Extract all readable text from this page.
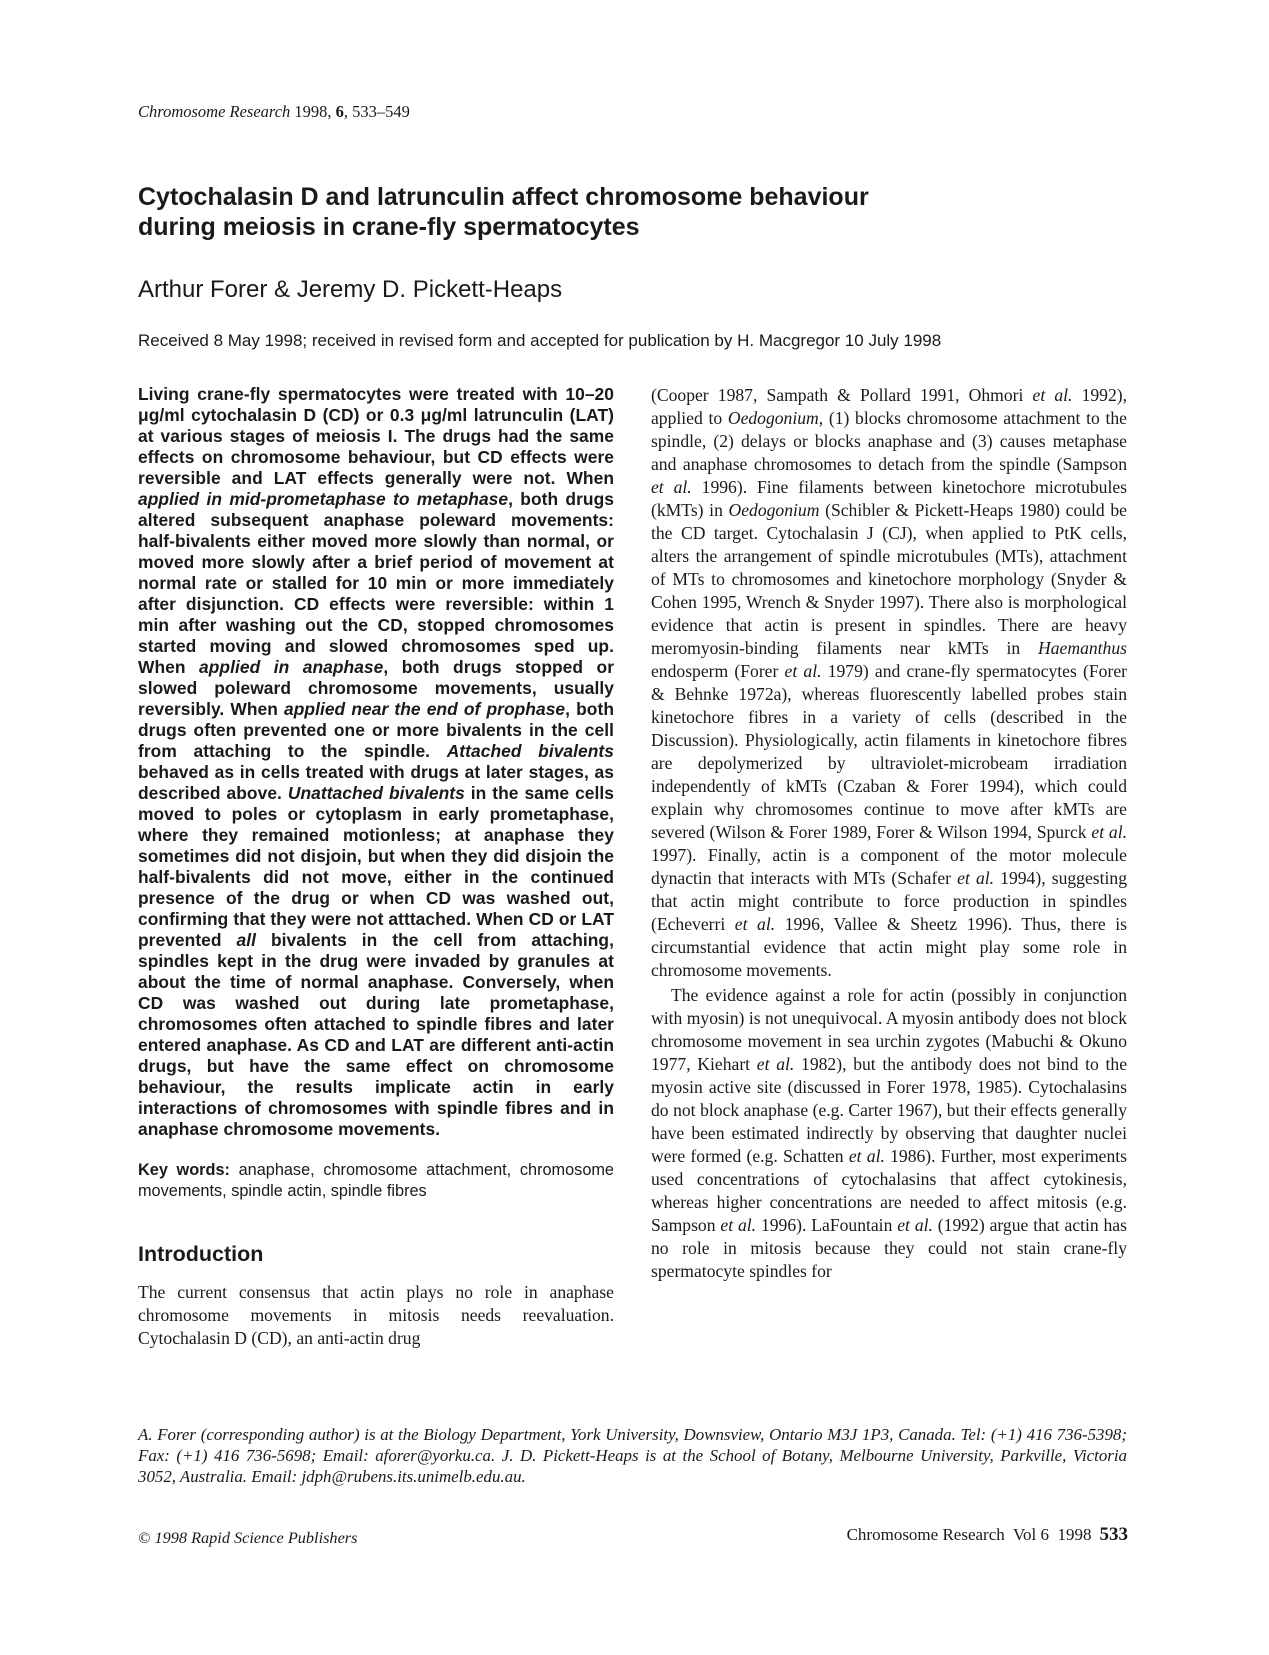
Chromosome Research 1998, 6, 533–549
Cytochalasin D and latrunculin affect chromosome behaviour
during meiosis in crane-fly spermatocytes
Arthur Forer & Jeremy D. Pickett-Heaps
Received 8 May 1998; received in revised form and accepted for publication by H. Macgregor 10 July 1998

Living crane-fly spermatocytes were treated with 10–20 μg/ml cytochalasin D (CD) or 0.3 μg/ml latrunculin (LAT) at various stages of meiosis I. The drugs had the same effects on chromosome behaviour, but CD effects were reversible and LAT effects generally were not. When applied in mid-prometaphase to metaphase, both drugs altered subsequent anaphase poleward movements: half-bivalents either moved more slowly than normal, or moved more slowly after a brief period of movement at normal rate or stalled for 10 min or more immediately after disjunction. CD effects were reversible: within 1 min after washing out the CD, stopped chromosomes started moving and slowed chromosomes sped up. When applied in anaphase, both drugs stopped or slowed poleward chromosome movements, usually reversibly. When applied near the end of prophase, both drugs often prevented one or more bivalents in the cell from attaching to the spindle. Attached bivalents behaved as in cells treated with drugs at later stages, as described above. Unattached bivalents in the same cells moved to poles or cytoplasm in early prometaphase, where they remained motionless; at anaphase they sometimes did not disjoin, but when they did disjoin the half-bivalents did not move, either in the continued presence of the drug or when CD was washed out, confirming that they were not atttached. When CD or LAT prevented all bivalents in the cell from attaching, spindles kept in the drug were invaded by granules at about the time of normal anaphase. Conversely, when CD was washed out during late prometaphase, chromosomes often attached to spindle fibres and later entered anaphase. As CD and LAT are different anti-actin drugs, but have the same effect on chromosome behaviour, the results implicate actin in early interactions of chromosomes with spindle fibres and in anaphase chromosome movements.

Key words: anaphase, chromosome attachment, chromosome movements, spindle actin, spindle fibres

Introduction

The current consensus that actin plays no role in anaphase chromosome movements in mitosis needs reevaluation. Cytochalasin D (CD), an anti-actin drug

(Cooper 1987, Sampath & Pollard 1991, Ohmori et al. 1992), applied to Oedogonium, (1) blocks chromosome attachment to the spindle, (2) delays or blocks anaphase and (3) causes metaphase and anaphase chromosomes to detach from the spindle (Sampson et al. 1996). Fine filaments between kinetochore microtubules (kMTs) in Oedogonium (Schibler & Pickett-Heaps 1980) could be the CD target. Cytochalasin J (CJ), when applied to PtK cells, alters the arrangement of spindle microtubules (MTs), attachment of MTs to chromosomes and kinetochore morphology (Snyder & Cohen 1995, Wrench & Snyder 1997). There also is morphological evidence that actin is present in spindles. There are heavy meromyosin-binding filaments near kMTs in Haemanthus endosperm (Forer et al. 1979) and crane-fly spermatocytes (Forer & Behnke 1972a), whereas fluorescently labelled probes stain kinetochore fibres in a variety of cells (described in the Discussion). Physiologically, actin filaments in kinetochore fibres are depolymerized by ultraviolet-microbeam irradiation independently of kMTs (Czaban & Forer 1994), which could explain why chromosomes continue to move after kMTs are severed (Wilson & Forer 1989, Forer & Wilson 1994, Spurck et al. 1997). Finally, actin is a component of the motor molecule dynactin that interacts with MTs (Schafer et al. 1994), suggesting that actin might contribute to force production in spindles (Echeverri et al. 1996, Vallee & Sheetz 1996). Thus, there is circumstantial evidence that actin might play some role in chromosome movements.

The evidence against a role for actin (possibly in conjunction with myosin) is not unequivocal. A myosin antibody does not block chromosome movement in sea urchin zygotes (Mabuchi & Okuno 1977, Kiehart et al. 1982), but the antibody does not bind to the myosin active site (discussed in Forer 1978, 1985). Cytochalasins do not block anaphase (e.g. Carter 1967), but their effects generally have been estimated indirectly by observing that daughter nuclei were formed (e.g. Schatten et al. 1986). Further, most experiments used concentrations of cytochalasins that affect cytokinesis, whereas higher concentrations are needed to affect mitosis (e.g. Sampson et al. 1996). LaFountain et al. (1992) argue that actin has no role in mitosis because they could not stain crane-fly spermatocyte spindles for

A. Forer (corresponding author) is at the Biology Department, York University, Downsview, Ontario M3J 1P3, Canada. Tel: (+1) 416 736-5398; Fax: (+1) 416 736-5698; Email: aforer@yorku.ca. J. D. Pickett-Heaps is at the School of Botany, Melbourne University, Parkville, Victoria 3052, Australia. Email: jdph@rubens.its.unimelb.edu.au.

© 1998 Rapid Science Publishers	Chromosome Research  Vol 6  1998 533
